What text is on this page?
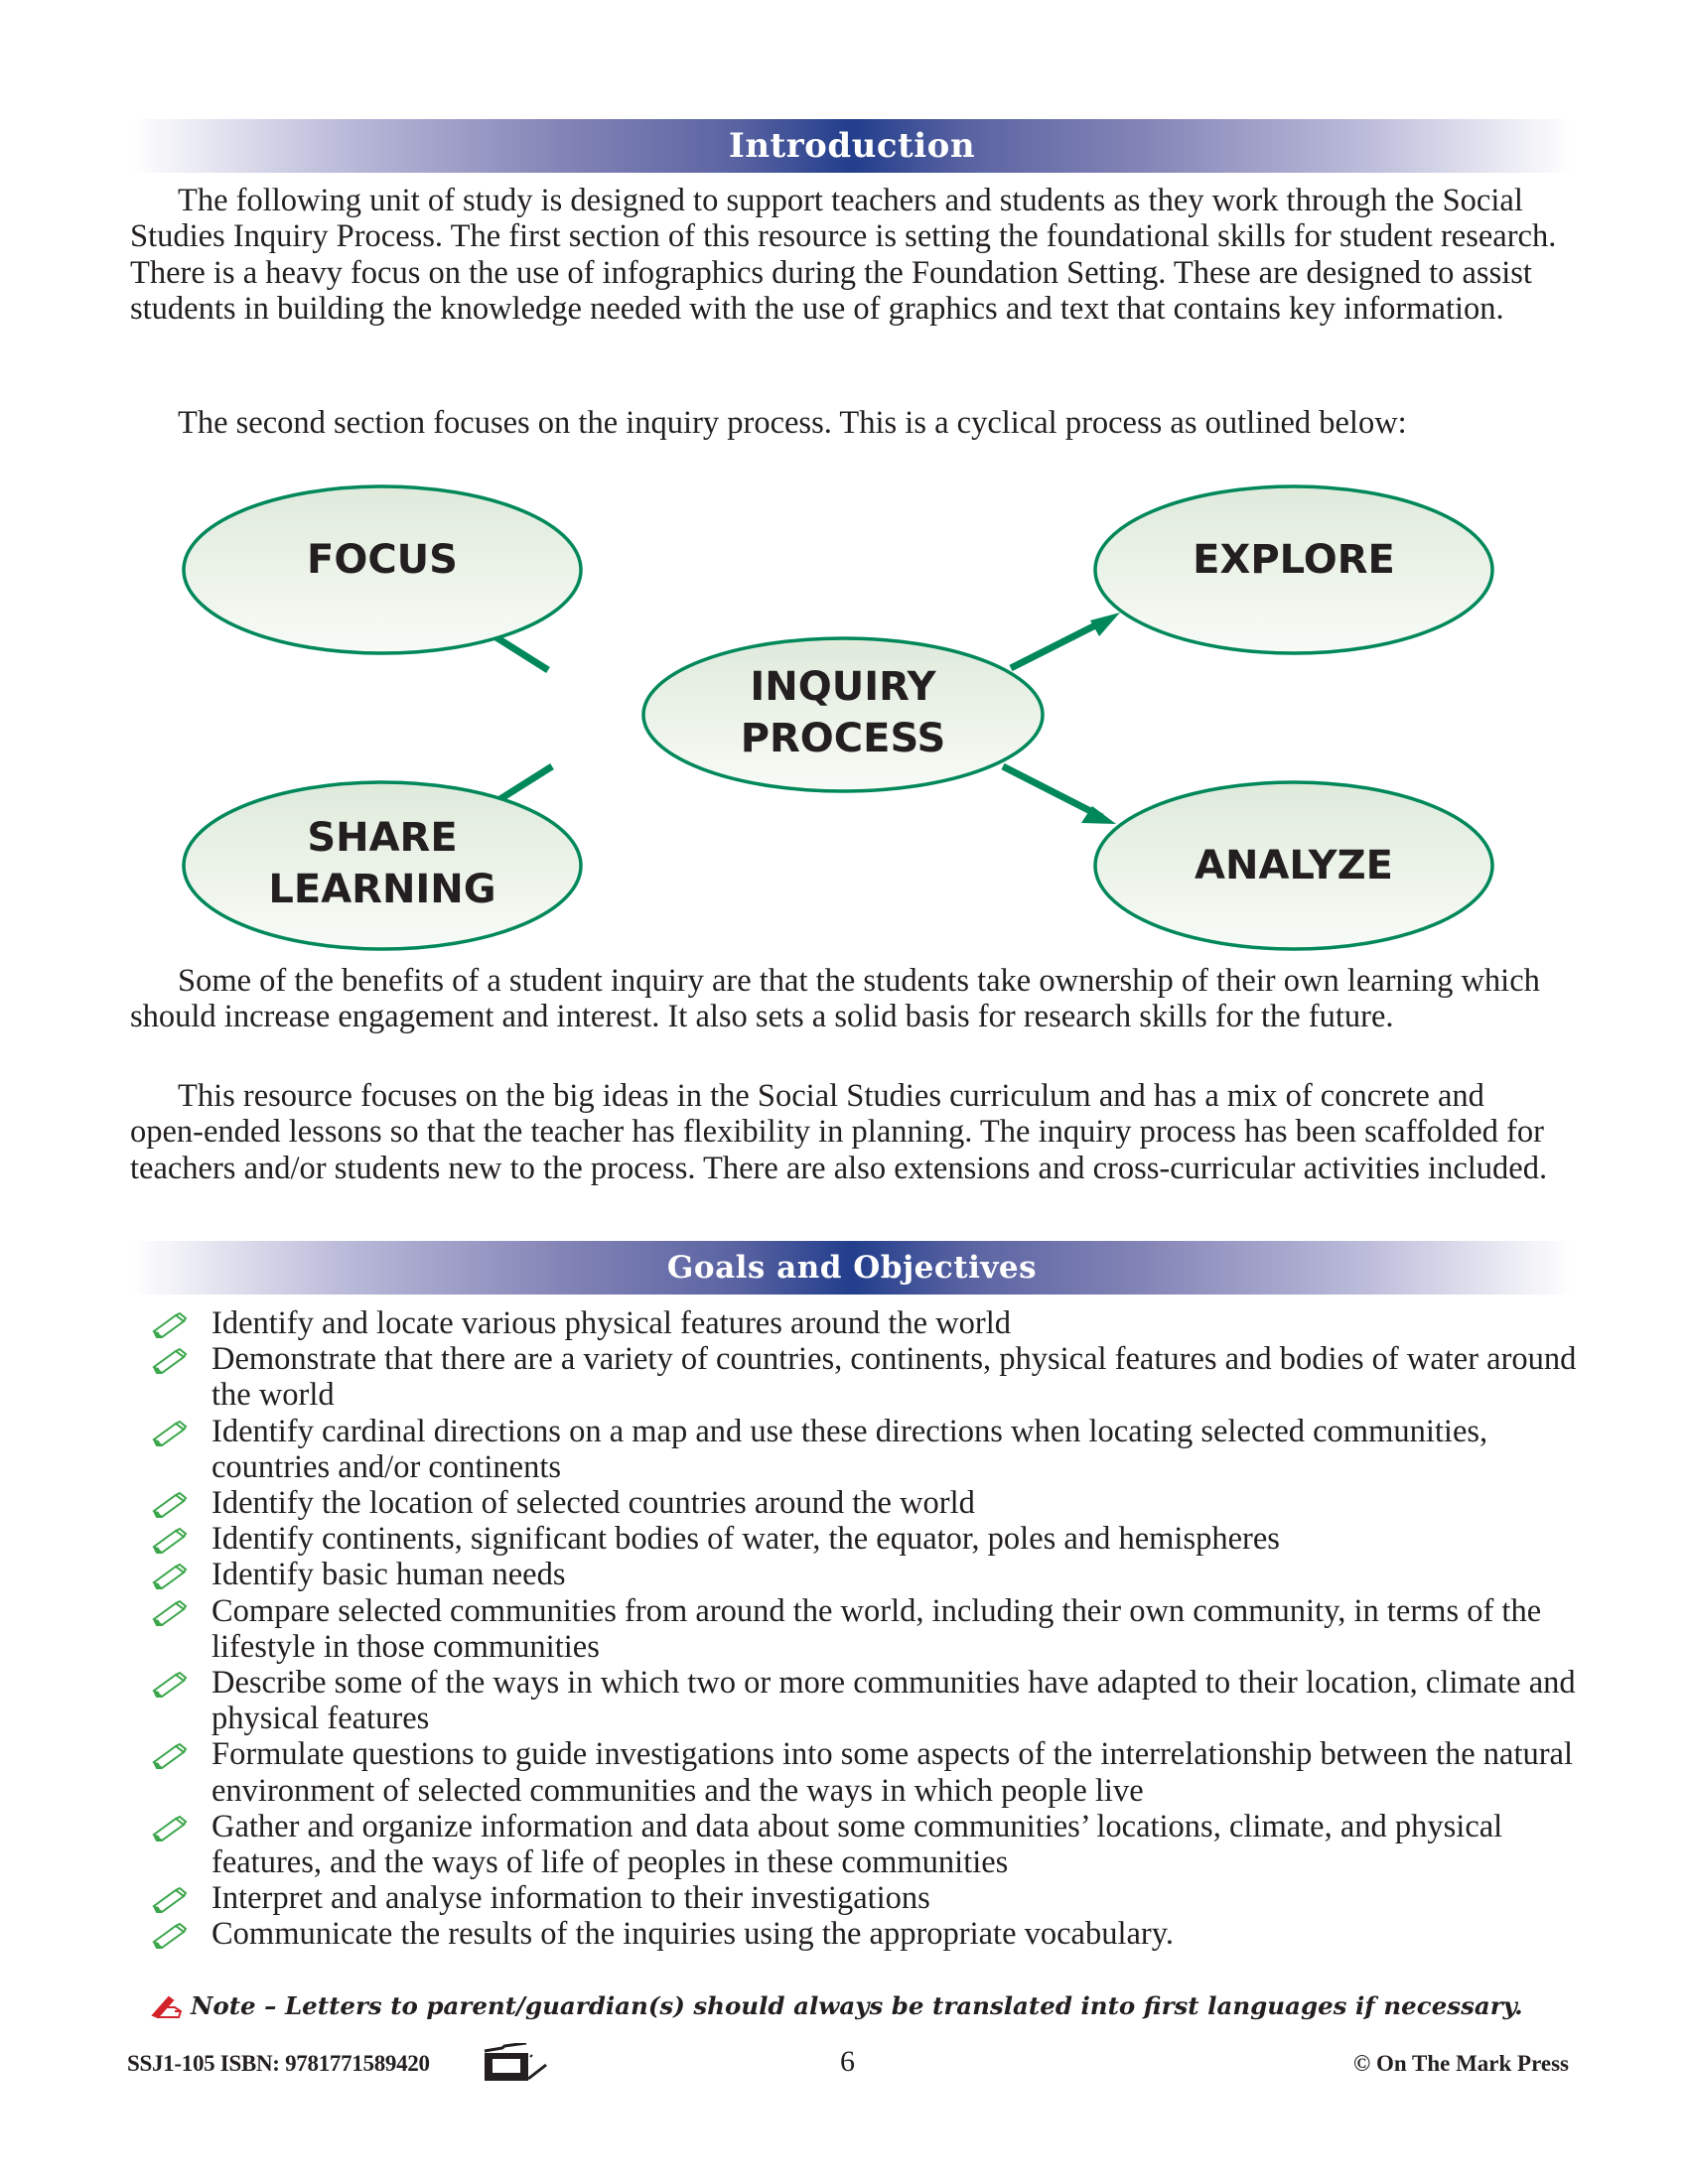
Introduction
The following unit of study is designed to support teachers and students as they work through the Social Studies Inquiry Process. The first section of this resource is setting the foundational skills for student research. There is a heavy focus on the use of infographics during the Foundation Setting. These are designed to assist students in building the knowledge needed with the use of graphics and text that contains key information.
The second section focuses on the inquiry process. This is a cyclical process as outlined below:
FOCUS	EXPLORE
INQUIRY
PROCESS
SHARE
LEARNING
ANALYZE
Some of the benefits of a student inquiry are that the students take ownership of their own learning which should increase engagement and interest. It also sets a solid basis for research skills for the future.
This resource focuses on the big ideas in the Social Studies curriculum and has a mix of concrete and open-ended lessons so that the teacher has flexibility in planning. The inquiry process has been scaffolded for teachers and/or students new to the process. There are also extensions and cross-curricular activities included.
Goals and Objectives
Identify and locate various physical features around the world
Demonstrate that there are a variety of countries, continents, physical features and bodies of water around the world
Identify cardinal directions on a map and use these directions when locating selected communities, countries and/or continents
Identify the location of selected countries around the world
Identify continents, significant bodies of water, the equator, poles and hemispheres
Identify basic human needs
Compare selected communities from around the world, including their own community, in terms of the lifestyle in those communities
Describe some of the ways in which two or more communities have adapted to their location, climate and physical features
Formulate questions to guide investigations into some aspects of the interrelationship between the natural environment of selected communities and the ways in which people live
Gather and organize information and data about some communities’ locations, climate, and physical features, and the ways of life of peoples in these communities
Interpret and analyse information to their investigations
Communicate the results of the inquiries using the appropriate vocabulary.
Note – Letters to parent/guardian(s) should always be translated into first languages if necessary.
SSJ1-105 ISBN: 9781771589420	6	© On The Mark Press
